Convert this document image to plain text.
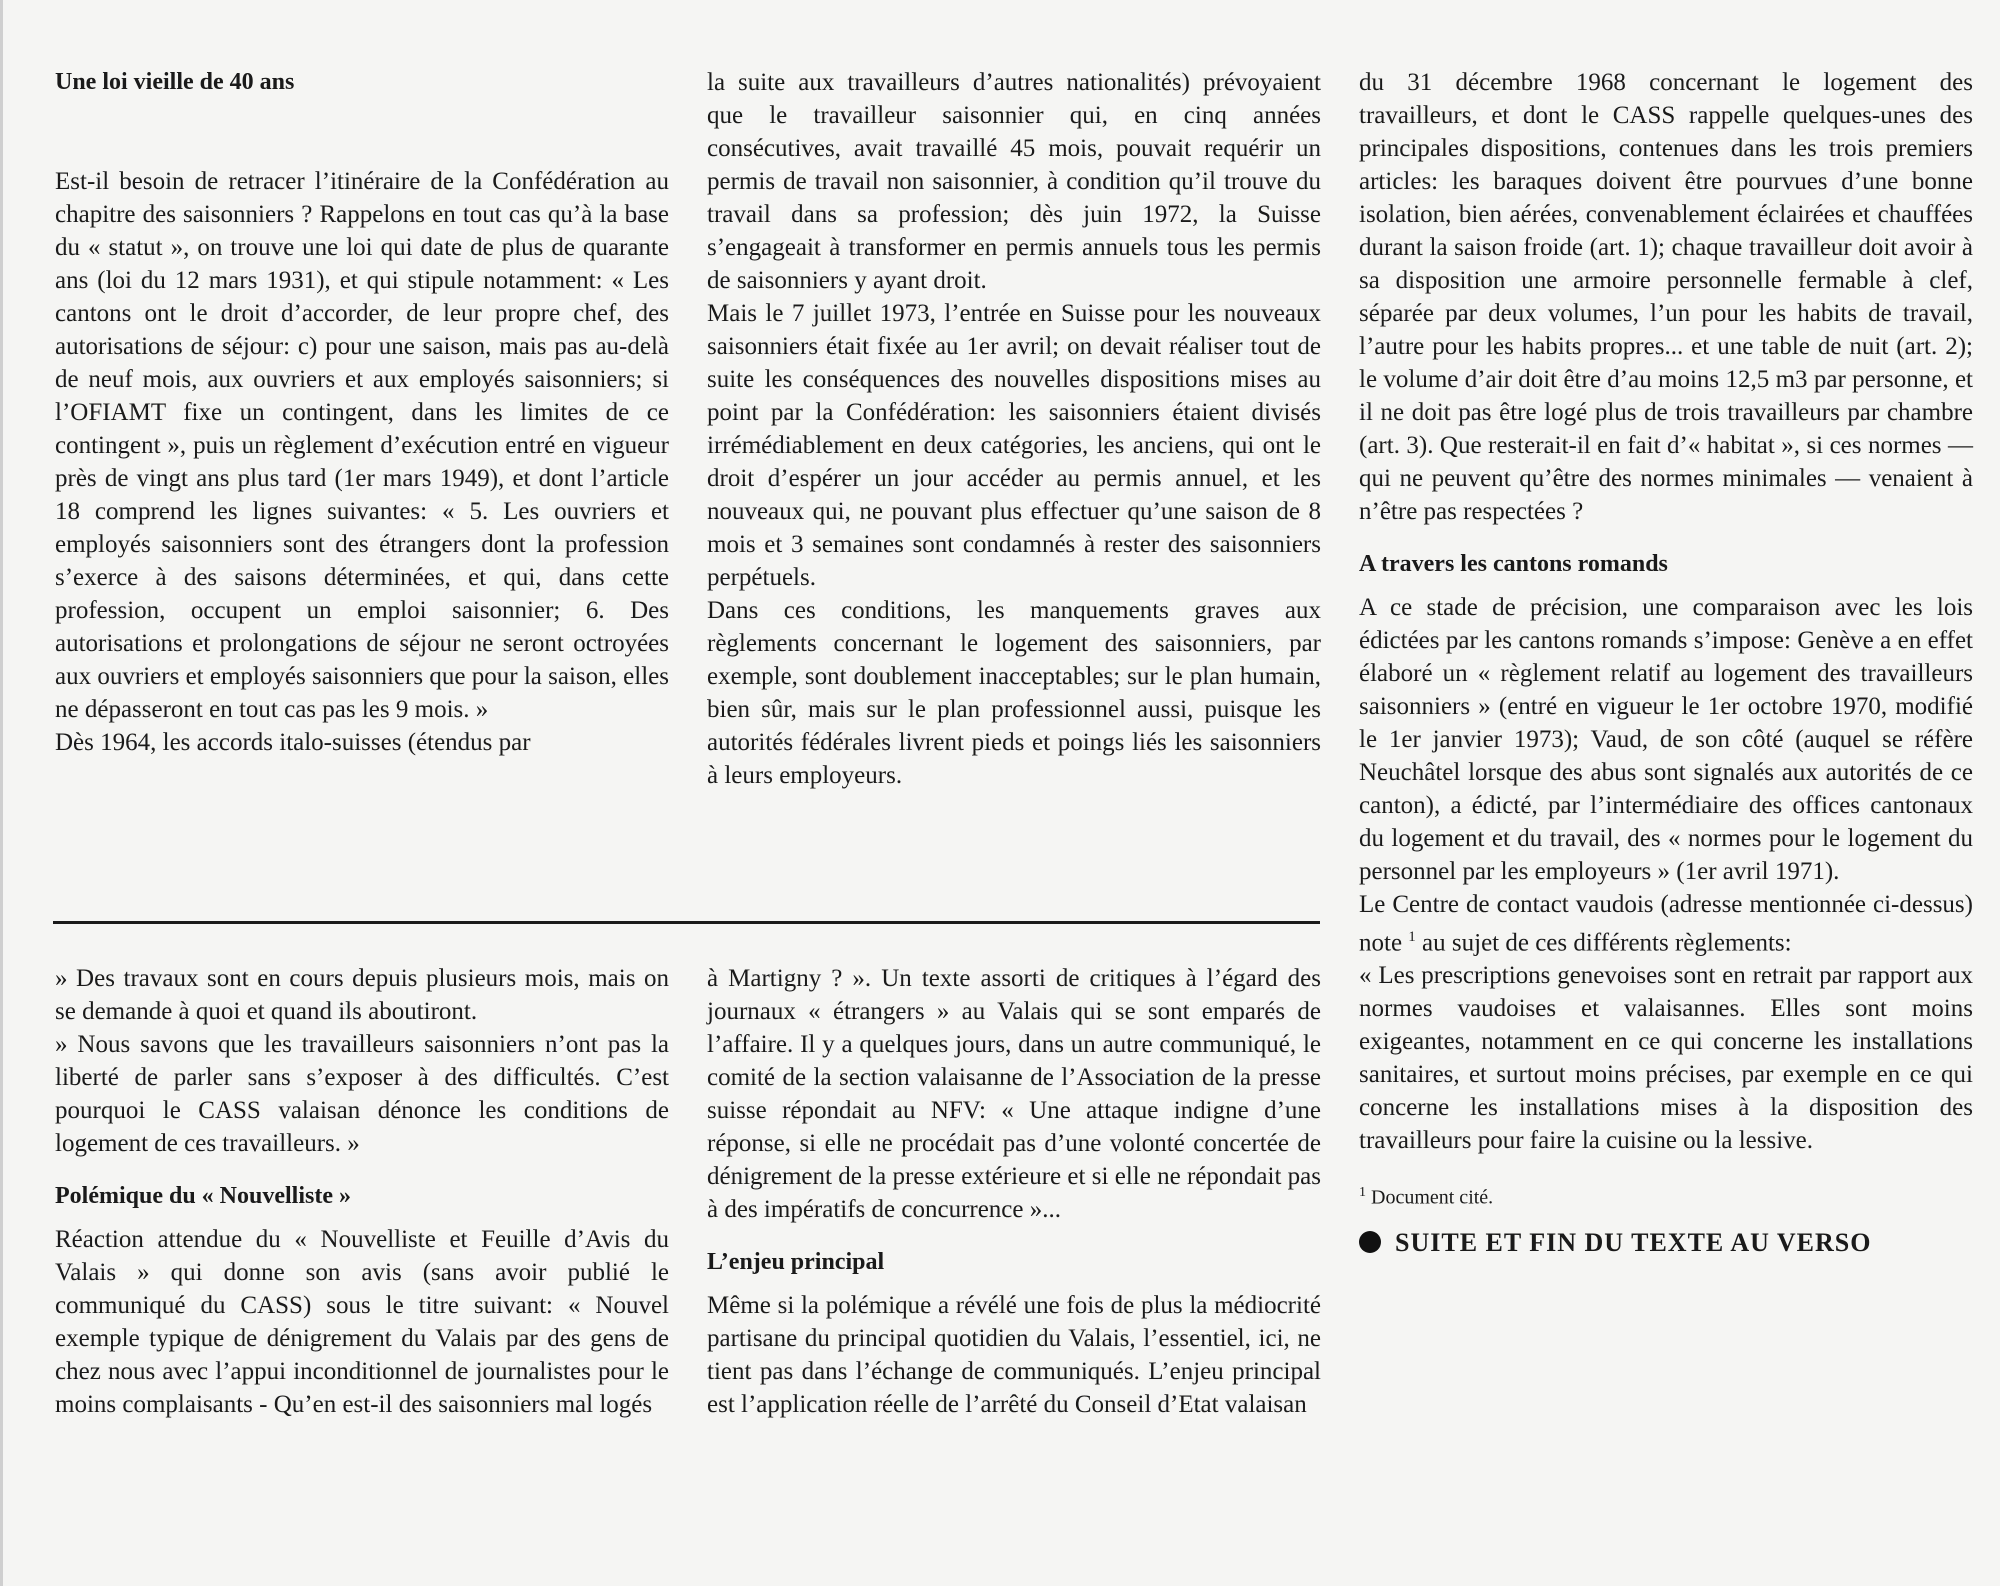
Une loi vieille de 40 ans

Est-il besoin de retracer l’itinéraire de la Confédération au chapitre des saisonniers ? Rappelons en tout cas qu’à la base du « statut », on trouve une loi qui date de plus de quarante ans (loi du 12 mars 1931), et qui stipule notamment: « Les cantons ont le droit d’accorder, de leur propre chef, des autorisations de séjour: c) pour une saison, mais pas au-delà de neuf mois, aux ouvriers et aux employés saisonniers; si l’OFIAMT fixe un contingent, dans les limites de ce contingent », puis un règlement d’exécution entré en vigueur près de vingt ans plus tard (1er mars 1949), et dont l’article 18 comprend les lignes suivantes: « 5. Les ouvriers et employés saisonniers sont des étrangers dont la profession s’exerce à des saisons déterminées, et qui, dans cette profession, occupent un emploi saisonnier; 6. Des autorisations et prolongations de séjour ne seront octroyées aux ouvriers et employés saisonniers que pour la saison, elles ne dépasseront en tout cas pas les 9 mois. »

Dès 1964, les accords italo-suisses (étendus par

la suite aux travailleurs d’autres nationalités) prévoyaient que le travailleur saisonnier qui, en cinq années consécutives, avait travaillé 45 mois, pouvait requérir un permis de travail non saisonnier, à condition qu’il trouve du travail dans sa profession; dès juin 1972, la Suisse s’engageait à transformer en permis annuels tous les permis de saisonniers y ayant droit.

Mais le 7 juillet 1973, l’entrée en Suisse pour les nouveaux saisonniers était fixée au 1er avril; on devait réaliser tout de suite les conséquences des nouvelles dispositions mises au point par la Confédération: les saisonniers étaient divisés irrémédiablement en deux catégories, les anciens, qui ont le droit d’espérer un jour accéder au permis annuel, et les nouveaux qui, ne pouvant plus effectuer qu’une saison de 8 mois et 3 semaines sont condamnés à rester des saisonniers perpétuels.

Dans ces conditions, les manquements graves aux règlements concernant le logement des saisonniers, par exemple, sont doublement inacceptables; sur le plan humain, bien sûr, mais sur le plan professionnel aussi, puisque les autorités fédérales livrent pieds et poings liés les saisonniers à leurs employeurs.

» Des travaux sont en cours depuis plusieurs mois, mais on se demande à quoi et quand ils aboutiront.

» Nous savons que les travailleurs saisonniers n’ont pas la liberté de parler sans s’exposer à des difficultés. C’est pourquoi le CASS valaisan dénonce les conditions de logement de ces travailleurs. »

Polémique du « Nouvelliste »

Réaction attendue du « Nouvelliste et Feuille d’Avis du Valais » qui donne son avis (sans avoir publié le communiqué du CASS) sous le titre suivant: « Nouvel exemple typique de dénigrement du Valais par des gens de chez nous avec l’appui inconditionnel de journalistes pour le moins complaisants - Qu’en est-il des saisonniers mal logés

à Martigny ? ». Un texte assorti de critiques à l’égard des journaux « étrangers » au Valais qui se sont emparés de l’affaire. Il y a quelques jours, dans un autre communiqué, le comité de la section valaisanne de l’Association de la presse suisse répondait au NFV: « Une attaque indigne d’une réponse, si elle ne procédait pas d’une volonté concertée de dénigrement de la presse extérieure et si elle ne répondait pas à des impératifs de concurrence »...

L’enjeu principal

Même si la polémique a révélé une fois de plus la médiocrité partisane du principal quotidien du Valais, l’essentiel, ici, ne tient pas dans l’échange de communiqués. L’enjeu principal est l’application réelle de l’arrêté du Conseil d’Etat valaisan

du 31 décembre 1968 concernant le logement des travailleurs, et dont le CASS rappelle quelques-unes des principales dispositions, contenues dans les trois premiers articles: les baraques doivent être pourvues d’une bonne isolation, bien aérées, convenablement éclairées et chauffées durant la saison froide (art. 1); chaque travailleur doit avoir à sa disposition une armoire personnelle fermable à clef, séparée par deux volumes, l’un pour les habits de travail, l’autre pour les habits propres... et une table de nuit (art. 2); le volume d’air doit être d’au moins 12,5 m3 par personne, et il ne doit pas être logé plus de trois travailleurs par chambre (art. 3). Que resterait-il en fait d’« habitat », si ces normes — qui ne peuvent qu’être des normes minimales — venaient à n’être pas respectées ?

A travers les cantons romands

A ce stade de précision, une comparaison avec les lois édictées par les cantons romands s’impose: Genève a en effet élaboré un « règlement relatif au logement des travailleurs saisonniers » (entré en vigueur le 1er octobre 1970, modifié le 1er janvier 1973); Vaud, de son côté (auquel se réfère Neuchâtel lorsque des abus sont signalés aux autorités de ce canton), a édicté, par l’intermédiaire des offices cantonaux du logement et du travail, des « normes pour le logement du personnel par les employeurs » (1er avril 1971).

Le Centre de contact vaudois (adresse mentionnée ci-dessus) note $^1$ au sujet de ces différents règlements:

« Les prescriptions genevoises sont en retrait par rapport aux normes vaudoises et valaisannes. Elles sont moins exigeantes, notamment en ce qui concerne les installations sanitaires, et surtout moins précises, par exemple en ce qui concerne les installations mises à la disposition des travailleurs pour faire la cuisine ou la lessive.

$^1$ Document cité.

SUITE ET FIN DU TEXTE AU VERSO
